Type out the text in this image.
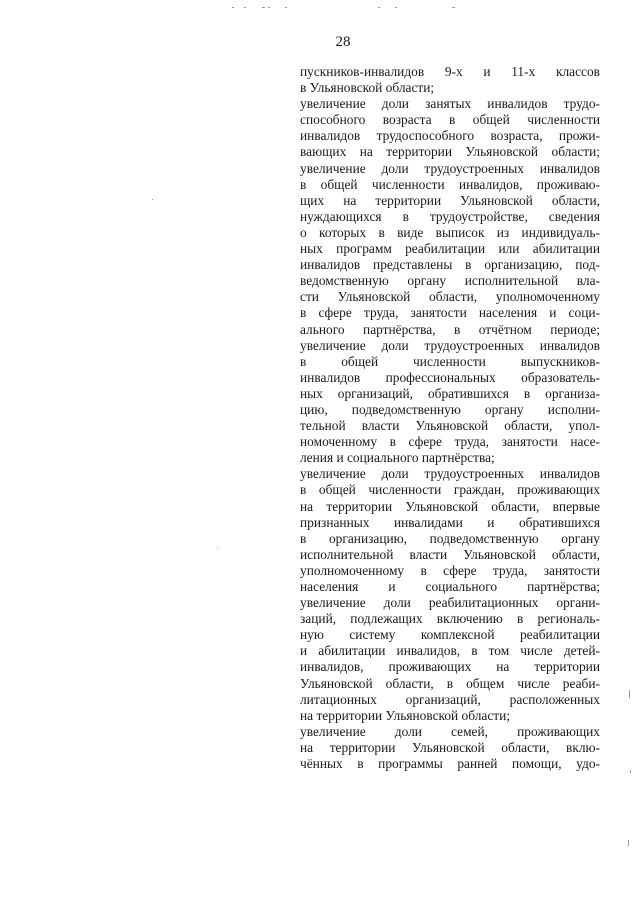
28
пускников-инвалидов 9-х и 11-х классов
в Ульяновской области;
увеличение доли занятых инвалидов трудо-
способного возраста в общей численности
инвалидов трудоспособного возраста, прожи-
вающих на территории Ульяновской области;
увеличение доли трудоустроенных инвалидов
в общей численности инвалидов, проживаю-
щих на территории Ульяновской области,
нуждающихся в трудоустройстве, сведения
о которых в виде выписок из индивидуаль-
ных программ реабилитации или абилитации
инвалидов представлены в организацию, под-
ведомственную органу исполнительной вла-
сти Ульяновской области, уполномоченному
в сфере труда, занятости населения и соци-
ального партнёрства, в отчётном периоде;
увеличение доли трудоустроенных инвалидов
в общей численности выпускников-
инвалидов профессиональных образователь-
ных организаций, обратившихся в организа-
цию, подведомственную органу исполни-
тельной власти Ульяновской области, упол-
номоченному в сфере труда, занятости насе-
ления и социального партнёрства;
увеличение доли трудоустроенных инвалидов
в общей численности граждан, проживающих
на территории Ульяновской области, впервые
признанных инвалидами и обратившихся
в организацию, подведомственную органу
исполнительной власти Ульяновской области,
уполномоченному в сфере труда, занятости
населения и социального партнёрства;
увеличение доли реабилитационных органи-
заций, подлежащих включению в региональ-
ную систему комплексной реабилитации
и абилитации инвалидов, в том числе детей-
инвалидов, проживающих на территории
Ульяновской области, в общем числе реаби-
литационных организаций, расположенных
на территории Ульяновской области;
увеличение доли семей, проживающих
на территории Ульяновской области, вклю-
чённых в программы ранней помощи, удо-
